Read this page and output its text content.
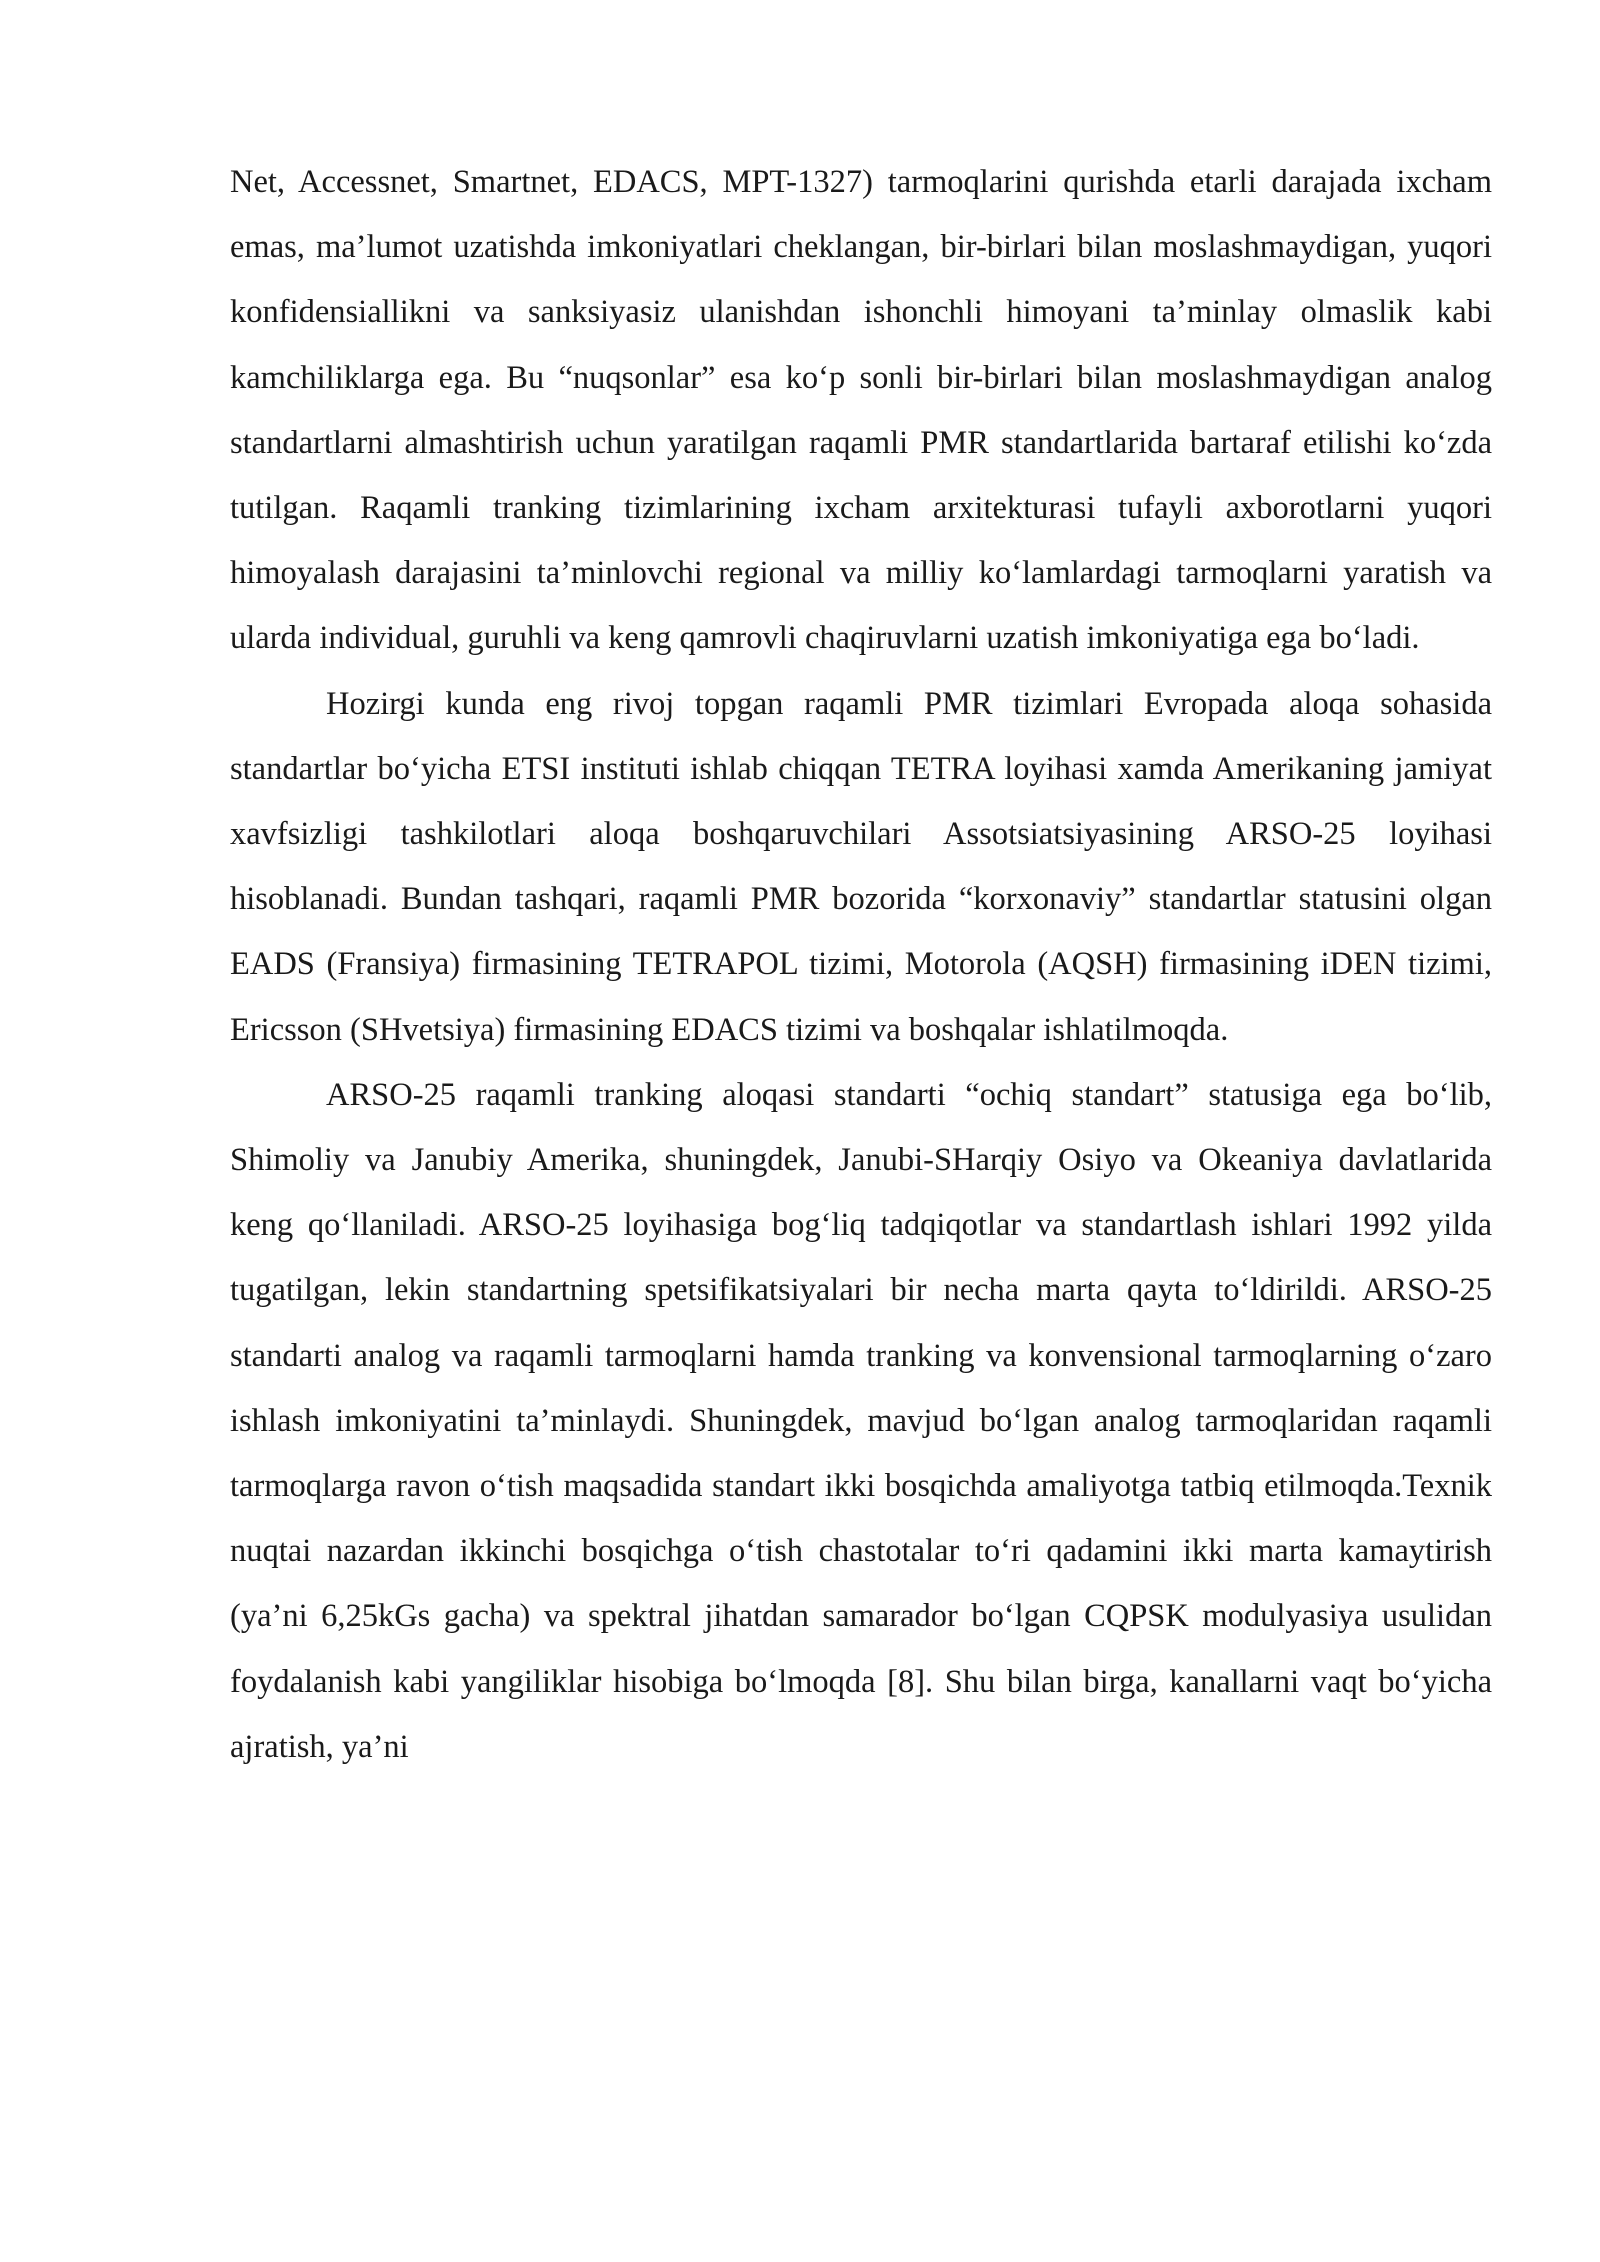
Net, Accessnet, Smartnet, EDACS, MPT-1327) tarmoqlarini qurishda etarli darajada ixcham emas, ma’lumot uzatishda imkoniyatlari cheklangan, bir-birlari bilan moslashmaydigan, yuqori konfidensiallikni va sanksiyasiz ulanishdan ishonchli himoyani ta’minlay olmaslik kabi kamchiliklarga ega. Bu “nuqsonlar” esa ko‘p sonli bir-birlari bilan moslashmaydigan analog standartlarni almashtirish uchun yaratilgan raqamli PMR standartlarida bartaraf etilishi ko‘zda tutilgan. Raqamli tranking tizimlarining ixcham arxitekturasi tufayli axborotlarni yuqori himoyalash darajasini ta’minlovchi regional va milliy ko‘lamlardagi tarmoqlarni yaratish va ularda individual, guruhli va keng qamrovli chaqiruvlarni uzatish imkoniyatiga ega bo‘ladi.

Hozirgi kunda eng rivoj topgan raqamli PMR tizimlari Evropada aloqa sohasida standartlar bo‘yicha ETSI instituti ishlab chiqqan TETRA loyihasi xamda Amerikaning jamiyat xavfsizligi tashkilotlari aloqa boshqaruvchilari Assotsiatsiyasining ARSO-25 loyihasi hisoblanadi. Bundan tashqari, raqamli PMR bozorida “korxonaviy” standartlar statusini olgan EADS (Fransiya) firmasining TETRAPOL tizimi, Motorola (AQSH) firmasining iDEN tizimi, Ericsson (SHvetsiya) firmasining EDACS tizimi va boshqalar ishlatilmoqda.

ARSO-25 raqamli tranking aloqasi standarti “ochiq standart” statusiga ega bo‘lib, Shimoliy va Janubiy Amerika, shuningdek, Janubi-SHarqiy Osiyo va Okeaniya davlatlarida keng qo‘llaniladi. ARSO-25 loyihasiga bog‘liq tadqiqotlar va standartlash ishlari 1992 yilda tugatilgan, lekin standartning spetsifikatsiyalari bir necha marta qayta to‘ldirildi. ARSO-25 standarti analog va raqamli tarmoqlarni hamda tranking va konvensional tarmoqlarning o‘zaro ishlash imkoniyatini ta’minlaydi. Shuningdek, mavjud bo‘lgan analog tarmoqlaridan raqamli tarmoqlarga ravon o‘tish maqsadida standart ikki bosqichda amaliyotga tatbiq etilmoqda.Texnik nuqtai nazardan ikkinchi bosqichga o‘tish chastotalar to‘ri qadamini ikki marta kamaytirish (ya’ni 6,25kGs gacha) va spektral jihatdan samarador bo‘lgan CQPSK modulyasiya usulidan foydalanish kabi yangiliklar hisobiga bo‘lmoqda [8]. Shu bilan birga, kanallarni vaqt bo‘yicha ajratish, ya’ni
